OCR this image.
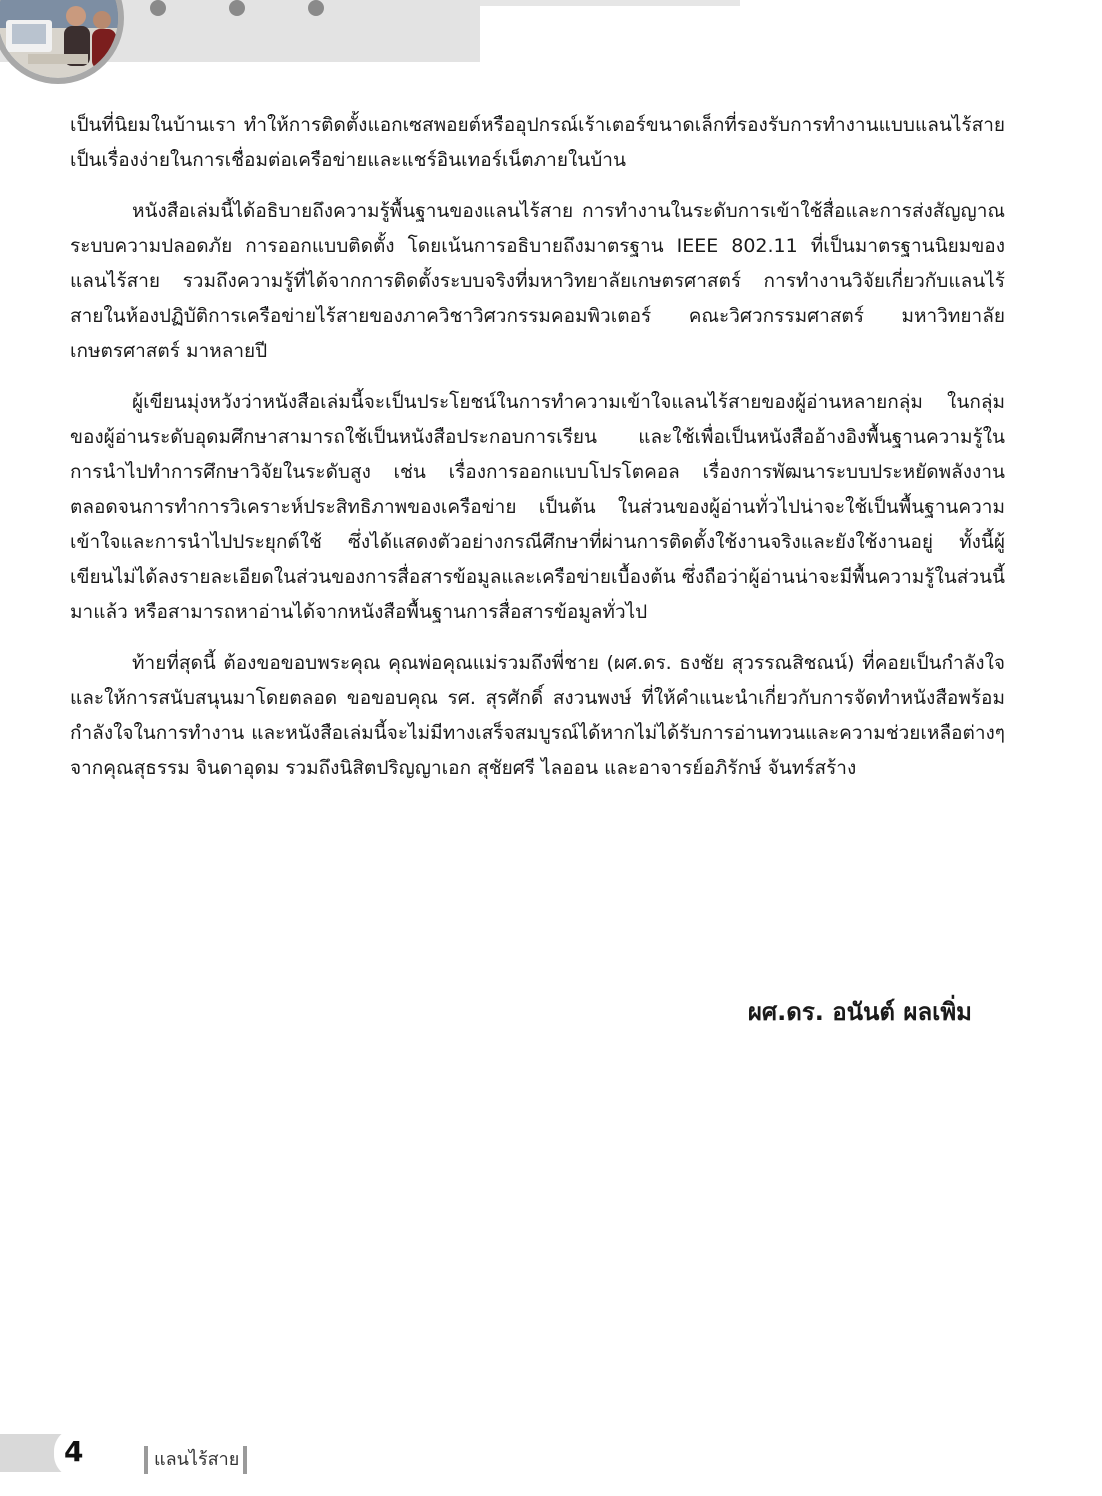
เป็นที่นิยมในบ้านเรา ทำให้การติดตั้งแอกเซสพอยต์หรืออุปกรณ์เร้าเตอร์ขนาดเล็กที่รองรับการทำงานแบบแลนไร้สายเป็นเรื่องง่ายในการเชื่อมต่อเครือข่ายและแชร์อินเทอร์เน็ตภายในบ้าน

หนังสือเล่มนี้ได้อธิบายถึงความรู้พื้นฐานของแลนไร้สาย การทำงานในระดับการเข้าใช้สื่อและการส่งสัญญาณ ระบบความปลอดภัย การออกแบบติดตั้ง โดยเน้นการอธิบายถึงมาตรฐาน IEEE 802.11 ที่เป็นมาตรฐานนิยมของแลนไร้สาย รวมถึงความรู้ที่ได้จากการติดตั้งระบบจริงที่มหาวิทยาลัยเกษตรศาสตร์ การทำงานวิจัยเกี่ยวกับแลนไร้สายในห้องปฏิบัติการเครือข่ายไร้สายของภาควิชาวิศวกรรมคอมพิวเตอร์ คณะวิศวกรรมศาสตร์ มหาวิทยาลัยเกษตรศาสตร์ มาหลายปี

ผู้เขียนมุ่งหวังว่าหนังสือเล่มนี้จะเป็นประโยชน์ในการทำความเข้าใจแลนไร้สายของผู้อ่านหลายกลุ่ม ในกลุ่มของผู้อ่านระดับอุดมศึกษาสามารถใช้เป็นหนังสือประกอบการเรียน และใช้เพื่อเป็นหนังสืออ้างอิงพื้นฐานความรู้ในการนำไปทำการศึกษาวิจัยในระดับสูง เช่น เรื่องการออกแบบโปรโตคอล เรื่องการพัฒนาระบบประหยัดพลังงาน ตลอดจนการทำการวิเคราะห์ประสิทธิภาพของเครือข่าย เป็นต้น ในส่วนของผู้อ่านทั่วไปน่าจะใช้เป็นพื้นฐานความเข้าใจและการนำไปประยุกต์ใช้ ซึ่งได้แสดงตัวอย่างกรณีศึกษาที่ผ่านการติดตั้งใช้งานจริงและยังใช้งานอยู่ ทั้งนี้ผู้เขียนไม่ได้ลงรายละเอียดในส่วนของการสื่อสารข้อมูลและเครือข่ายเบื้องต้น ซึ่งถือว่าผู้อ่านน่าจะมีพื้นความรู้ในส่วนนี้มาแล้ว หรือสามารถหาอ่านได้จากหนังสือพื้นฐานการสื่อสารข้อมูลทั่วไป

ท้ายที่สุดนี้ ต้องขอขอบพระคุณ คุณพ่อคุณแม่รวมถึงพี่ชาย (ผศ.ดร. ธงชัย สุวรรณสิชณน์) ที่คอยเป็นกำลังใจและให้การสนับสนุนมาโดยตลอด ขอขอบคุณ รศ. สุรศักดิ์ สงวนพงษ์ ที่ให้คำแนะนำเกี่ยวกับการจัดทำหนังสือพร้อมกำลังใจในการทำงาน และหนังสือเล่มนี้จะไม่มีทางเสร็จสมบูรณ์ได้หากไม่ได้รับการอ่านทวนและความช่วยเหลือต่างๆ จากคุณสุธรรม จินดาอุดม รวมถึงนิสิตปริญญาเอก สุชัยศรี ไลออน และอาจารย์อภิรักษ์ จันทร์สร้าง

ผศ.ดร. อนันต์ ผลเพิ่ม
4	แลนไร้สาย
